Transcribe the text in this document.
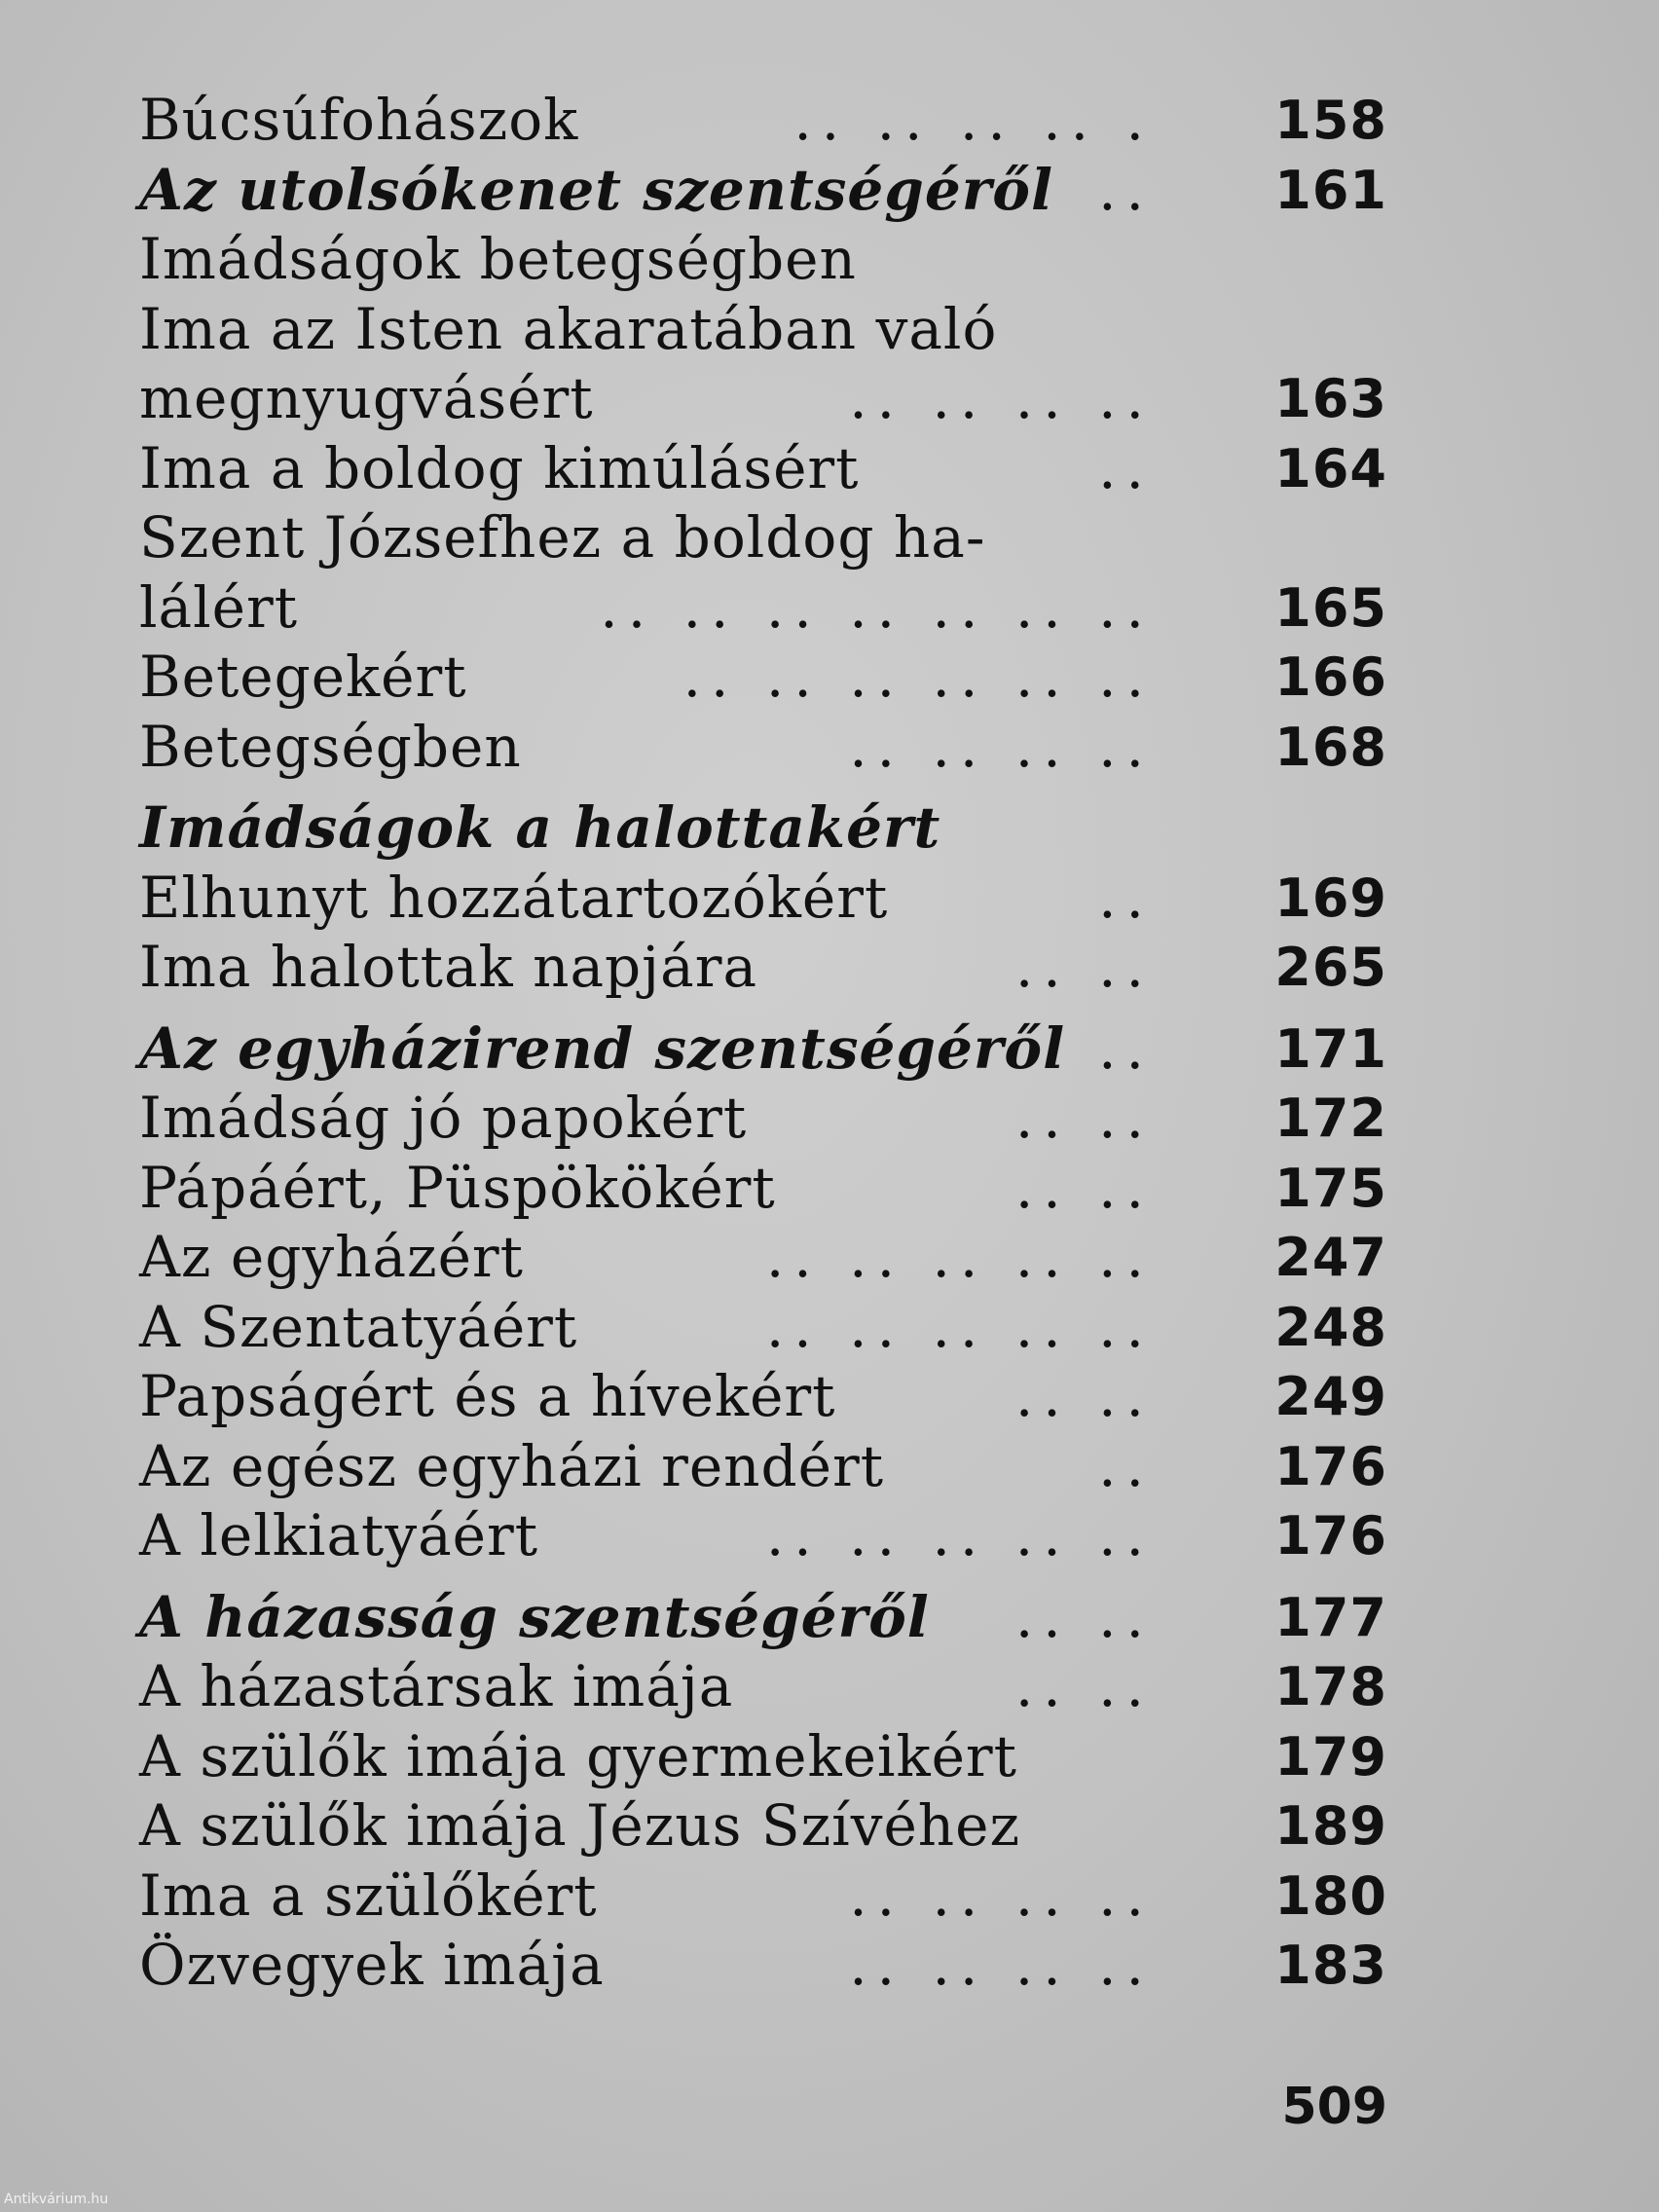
Búcsúfohászok	.. .. .. .. . 158
Az utolsókenet szentségéről .. 161
Imádságok betegségben
Ima az Isten akaratában való
megnyugvásért	.. .. .. .. 163
Ima a boldog kimúlásért	.. 164
Szent Józsefhez a boldog ha-
lálért	.. .. .. .. .. .. .. 165
Betegekért	.. .. .. .. .. .. 166
Betegségben	.. .. .. .. 168
Imádságok a halottakért
Elhunyt hozzátartozókért	.. 169
Ima halottak napjára	.. .. 265
Az egyházirend szentségéről .. 171
Imádság jó papokért	.. .. 172
Pápáért, Püspökökért	.. .. 175
Az egyházért	.. .. .. .. .. 247
A Szentatyáért	.. .. .. .. .. 248
Papságért és a hívekért	.. .. 249
Az egész egyházi rendért	.. 176
A lelkiatyáért	.. .. .. .. .. 176
A házasság szentségéről .. .. 177
A házastársak imája	.. .. 178
A szülők imája gyermekeikért	179
A szülők imája Jézus Szívéhez	189
Ima a szülőkért	.. .. .. .. 180
Özvegyek imája	.. .. .. .. 183
509
Antikvárium.hu
